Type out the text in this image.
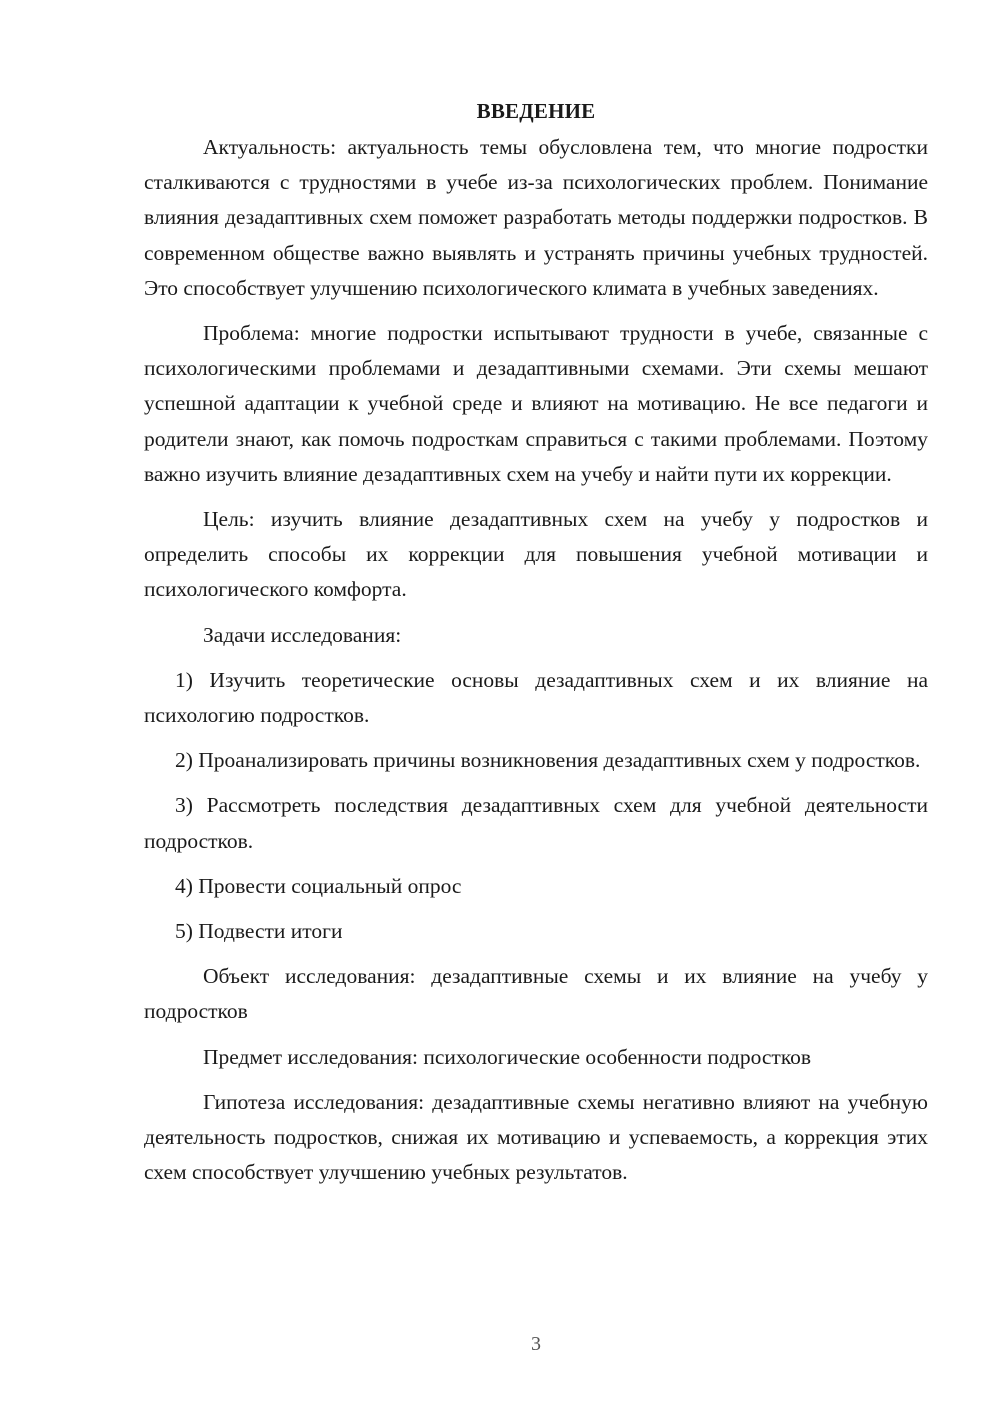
ВВЕДЕНИЕ

Актуальность: актуальность темы обусловлена тем, что многие подростки сталкиваются с трудностями в учебе из-за психологических проблем. Понимание влияния дезадаптивных схем поможет разработать методы поддержки подростков. В современном обществе важно выявлять и устранять причины учебных трудностей. Это способствует улучшению психологического климата в учебных заведениях.

Проблема: многие подростки испытывают трудности в учебе, связанные с психологическими проблемами и дезадаптивными схемами. Эти схемы мешают успешной адаптации к учебной среде и влияют на мотивацию. Не все педагоги и родители знают, как помочь подросткам справиться с такими проблемами. Поэтому важно изучить влияние дезадаптивных схем на учебу и найти пути их коррекции.

Цель: изучить влияние дезадаптивных схем на учебу у подростков и определить способы их коррекции для повышения учебной мотивации и психологического комфорта.

Задачи исследования:

1) Изучить теоретические основы дезадаптивных схем и их влияние на психологию подростков.

2) Проанализировать причины возникновения дезадаптивных схем у подростков.

3) Рассмотреть последствия дезадаптивных схем для учебной деятельности подростков.

4) Провести социальный опрос

5) Подвести итоги

Объект исследования: дезадаптивные схемы и их влияние на учебу у подростков

Предмет исследования: психологические особенности подростков

Гипотеза исследования: дезадаптивные схемы негативно влияют на учебную деятельность подростков, снижая их мотивацию и успеваемость, а коррекция этих схем способствует улучшению учебных результатов.

3
